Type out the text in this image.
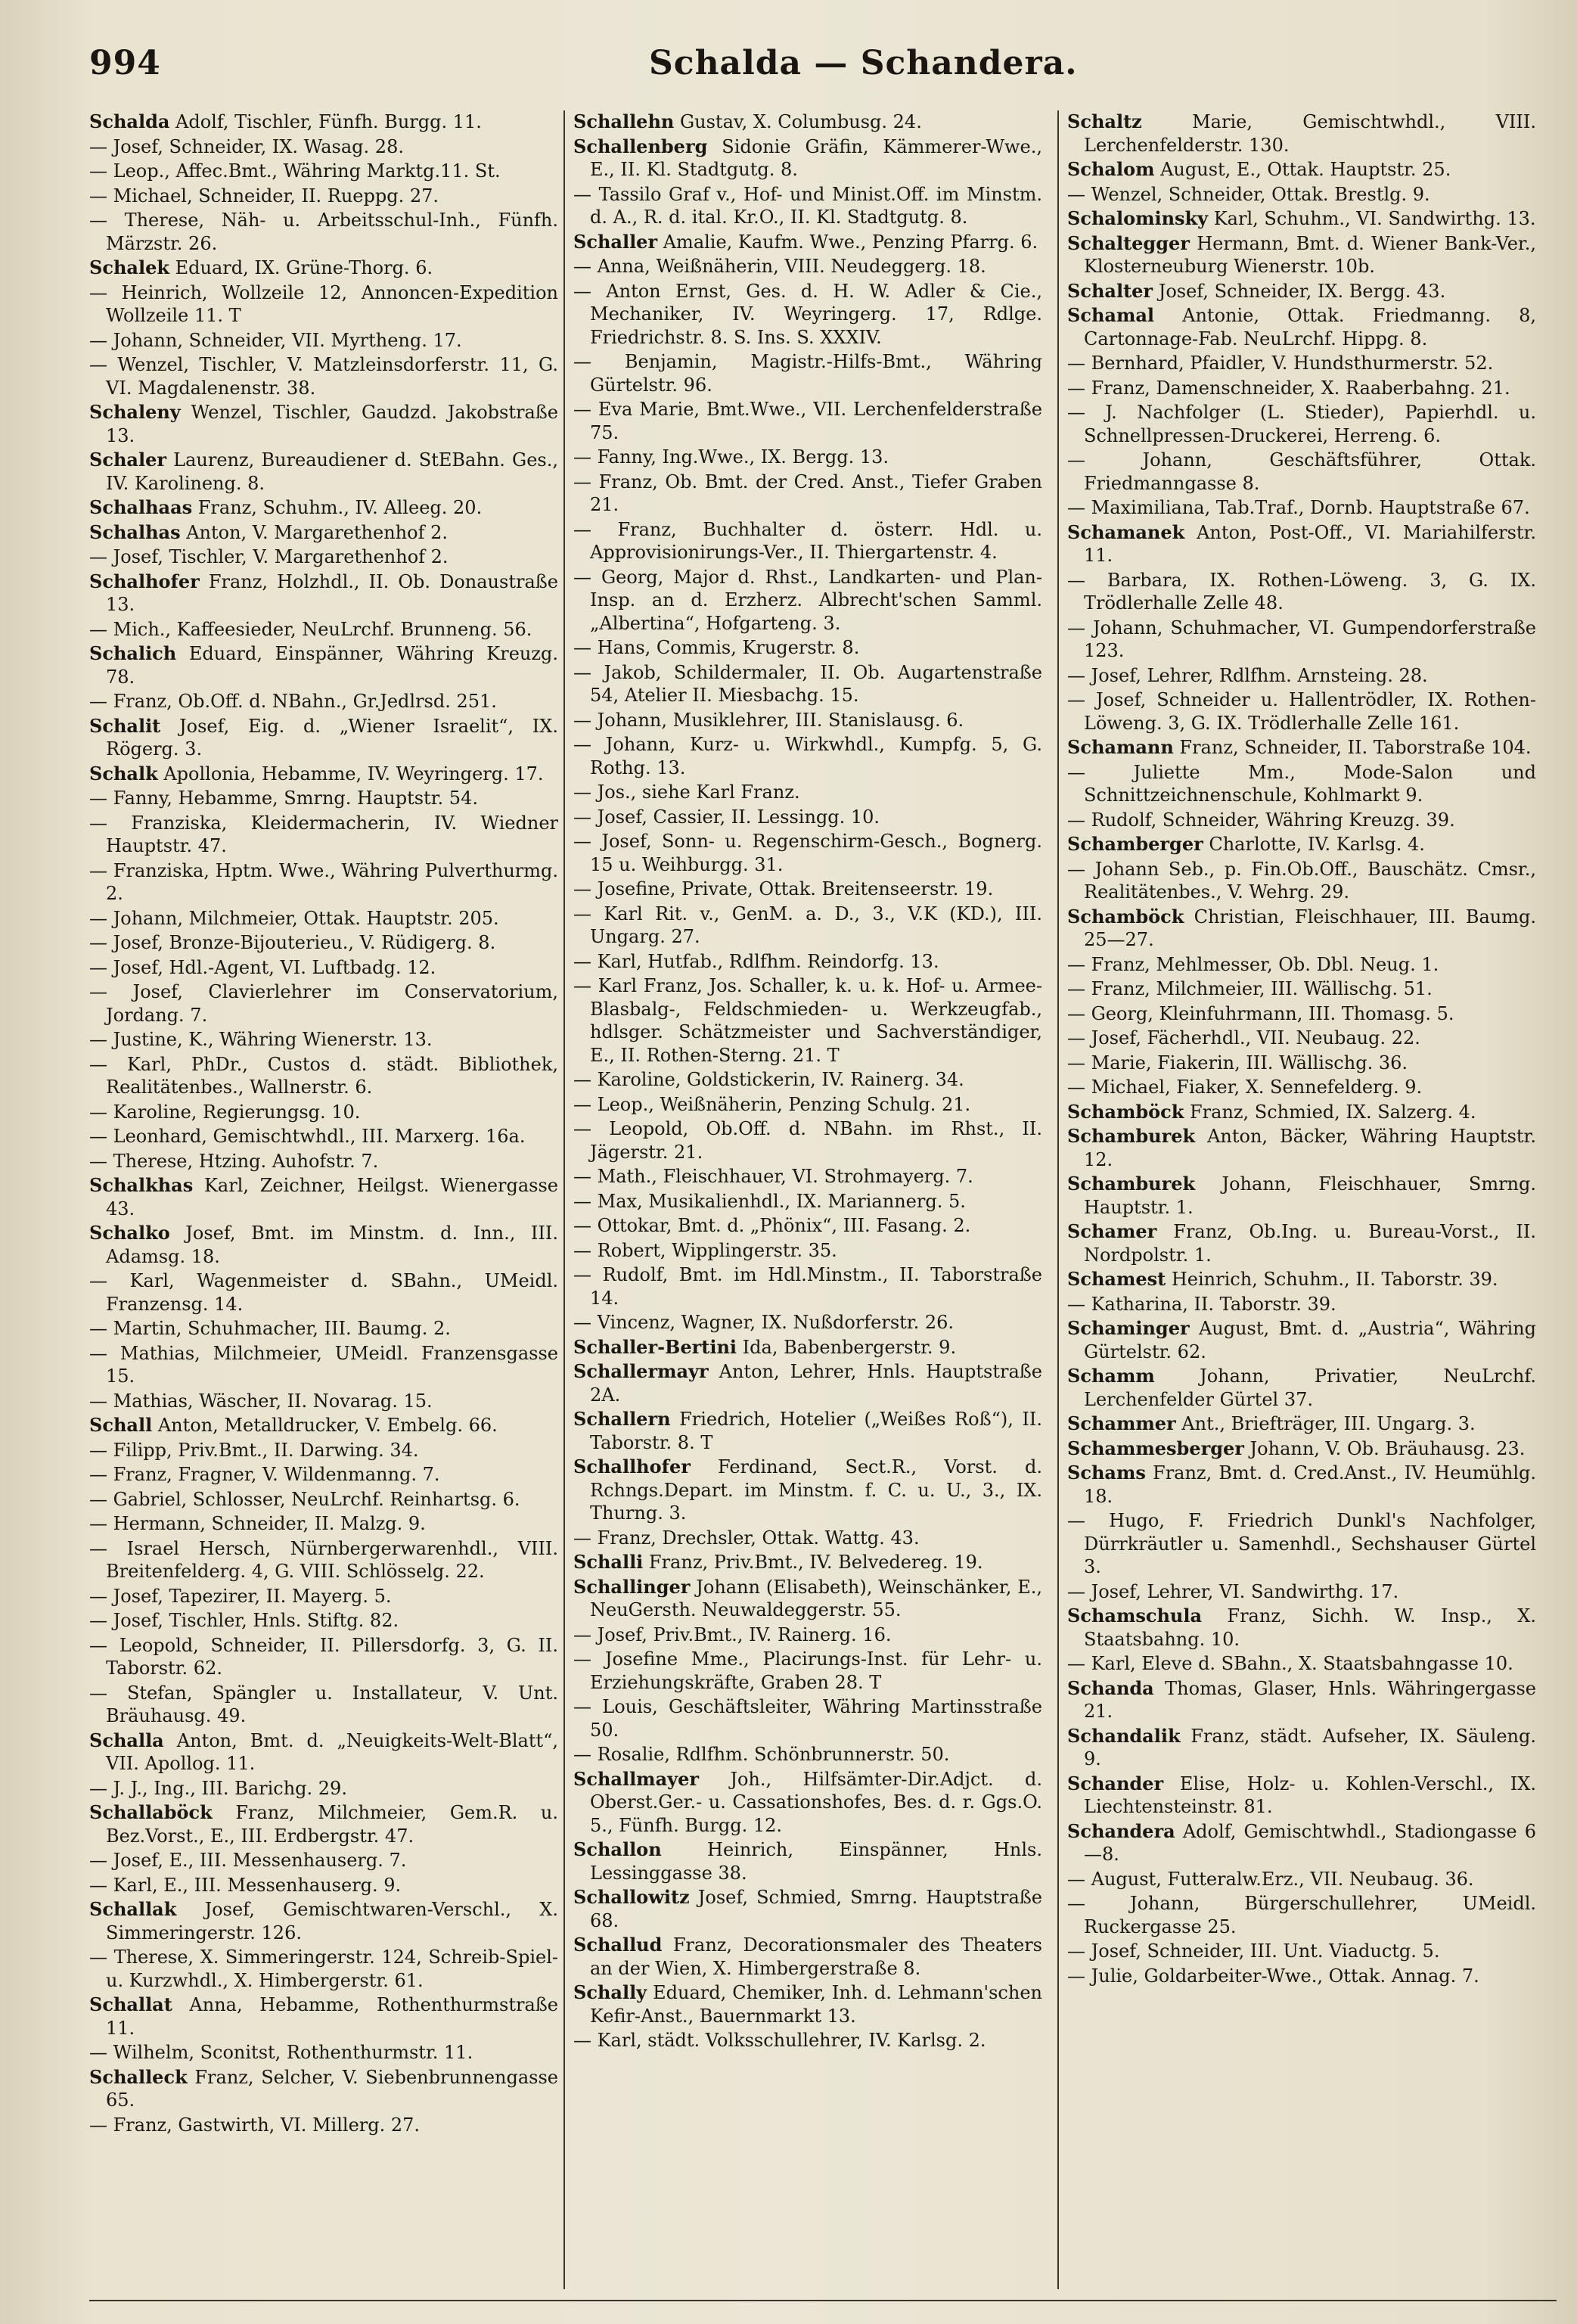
994	Schalda — Schandera.
Schalda Adolf, Tischler, Fünfh. Burgg. 11.
— Josef, Schneider, IX. Wasag. 28.
— Leop., Affec.Bmt., Währing Marktg.11. St.
— Michael, Schneider, II. Rueppg. 27.
— Therese, Näh- u. Arbeitsschul-Inh., Fünfh. Märzstr. 26.
Schalek Eduard, IX. Grüne-Thorg. 6.
— Heinrich, Wollzeile 12, Annoncen-Expedition Wollzeile 11. T
— Johann, Schneider, VII. Myrtheng. 17.
— Wenzel, Tischler, V. Matzleinsdorferstr. 11, G. VI. Magdalenenstr. 38.
Schaleny Wenzel, Tischler, Gaudzd. Jakobstraße 13.
Schaler Laurenz, Bureaudiener d. StEBahn. Ges., IV. Karolineng. 8.
Schalhaas Franz, Schuhm., IV. Alleeg. 20.
Schalhas Anton, V. Margarethenhof 2.
— Josef, Tischler, V. Margarethenhof 2.
Schalhofer Franz, Holzhdl., II. Ob. Donaustraße 13.
— Mich., Kaffeesieder, NeuLrchf. Brunneng. 56.
Schalich Eduard, Einspänner, Währing Kreuzg. 78.
— Franz, Ob.Off. d. NBahn., Gr.Jedlrsd. 251.
Schalit Josef, Eig. d. „Wiener Israelit“, IX. Rögerg. 3.
Schalk Apollonia, Hebamme, IV. Weyringerg. 17.
— Fanny, Hebamme, Smrng. Hauptstr. 54.
— Franziska, Kleidermacherin, IV. Wiedner Hauptstr. 47.
— Franziska, Hptm. Wwe., Währing Pulverthurmg. 2.
— Johann, Milchmeier, Ottak. Hauptstr. 205.
— Josef, Bronze-Bijouterieu., V. Rüdigerg. 8.
— Josef, Hdl.-Agent, VI. Luftbadg. 12.
— Josef, Clavierlehrer im Conservatorium, Jordang. 7.
— Justine, K., Währing Wienerstr. 13.
— Karl, PhDr., Custos d. städt. Bibliothek, Realitätenbes., Wallnerstr. 6.
— Karoline, Regierungsg. 10.
— Leonhard, Gemischtwhdl., III. Marxerg. 16a.
— Therese, Htzing. Auhofstr. 7.
Schalkhas Karl, Zeichner, Heilgst. Wienergasse 43.
Schalko Josef, Bmt. im Minstm. d. Inn., III. Adamsg. 18.
— Karl, Wagenmeister d. SBahn., UMeidl. Franzensg. 14.
— Martin, Schuhmacher, III. Baumg. 2.
— Mathias, Milchmeier, UMeidl. Franzensgasse 15.
— Mathias, Wäscher, II. Novarag. 15.
Schall Anton, Metalldrucker, V. Embelg. 66.
— Filipp, Priv.Bmt., II. Darwing. 34.
— Franz, Fragner, V. Wildenmanng. 7.
— Gabriel, Schlosser, NeuLrchf. Reinhartsg. 6.
— Hermann, Schneider, II. Malzg. 9.
— Israel Hersch, Nürnbergerwarenhdl., VIII. Breitenfelderg. 4, G. VIII. Schlösselg. 22.
— Josef, Tapezirer, II. Mayerg. 5.
— Josef, Tischler, Hnls. Stiftg. 82.
— Leopold, Schneider, II. Pillersdorfg. 3, G. II. Taborstr. 62.
— Stefan, Spängler u. Installateur, V. Unt. Bräuhausg. 49.
Schalla Anton, Bmt. d. „Neuigkeits-Welt-Blatt“, VII. Apollog. 11.
— J. J., Ing., III. Barichg. 29.
Schallaböck Franz, Milchmeier, Gem.R. u. Bez.Vorst., E., III. Erdbergstr. 47.
— Josef, E., III. Messenhauserg. 7.
— Karl, E., III. Messenhauserg. 9.
Schallak Josef, Gemischtwaren-Verschl., X. Simmeringerstr. 126.
— Therese, X. Simmeringerstr. 124, Schreib-Spiel- u. Kurzwhdl., X. Himbergerstr. 61.
Schallat Anna, Hebamme, Rothenthurmstraße 11.
— Wilhelm, Sconitst, Rothenthurmstr. 11.
Schalleck Franz, Selcher, V. Siebenbrunnengasse 65.
— Franz, Gastwirth, VI. Millerg. 27.
Schallehn Gustav, X. Columbusg. 24.
Schallenberg Sidonie Gräfin, Kämmerer-Wwe., E., II. Kl. Stadtgutg. 8.
— Tassilo Graf v., Hof- und Minist.Off. im Minstm. d. A., R. d. ital. Kr.O., II. Kl. Stadtgutg. 8.
Schaller Amalie, Kaufm. Wwe., Penzing Pfarrg. 6.
— Anna, Weißnäherin, VIII. Neudeggerg. 18.
— Anton Ernst, Ges. d. H. W. Adler & Cie., Mechaniker, IV. Weyringerg. 17, Rdlge. Friedrichstr. 8. S. Ins. S. XXXIV.
— Benjamin, Magistr.-Hilfs-Bmt., Währing Gürtelstr. 96.
— Eva Marie, Bmt.Wwe., VII. Lerchenfelderstraße 75.
— Fanny, Ing.Wwe., IX. Bergg. 13.
— Franz, Ob. Bmt. der Cred. Anst., Tiefer Graben 21.
— Franz, Buchhalter d. österr. Hdl. u. Approvisionirungs-Ver., II. Thiergartenstr. 4.
— Georg, Major d. Rhst., Landkarten- und Plan-Insp. an d. Erzherz. Albrecht'schen Samml. „Albertina“, Hofgarteng. 3.
— Hans, Commis, Krugerstr. 8.
— Jakob, Schildermaler, II. Ob. Augartenstraße 54, Atelier II. Miesbachg. 15.
— Johann, Musiklehrer, III. Stanislausg. 6.
— Johann, Kurz- u. Wirkwhdl., Kumpfg. 5, G. Rothg. 13.
— Jos., siehe Karl Franz.
— Josef, Cassier, II. Lessingg. 10.
— Josef, Sonn- u. Regenschirm-Gesch., Bognerg. 15 u. Weihburgg. 31.
— Josefine, Private, Ottak. Breitenseerstr. 19.
— Karl Rit. v., GenM. a. D., 3., V.K (KD.), III. Ungarg. 27.
— Karl, Hutfab., Rdlfhm. Reindorfg. 13.
— Karl Franz, Jos. Schaller, k. u. k. Hof- u. Armee-Blasbalg-, Feldschmieden- u. Werkzeugfab., hdlsger. Schätzmeister und Sachverständiger, E., II. Rothen-Sterng. 21. T
— Karoline, Goldstickerin, IV. Rainerg. 34.
— Leop., Weißnäherin, Penzing Schulg. 21.
— Leopold, Ob.Off. d. NBahn. im Rhst., II. Jägerstr. 21.
— Math., Fleischhauer, VI. Strohmayerg. 7.
— Max, Musikalienhdl., IX. Mariannerg. 5.
— Ottokar, Bmt. d. „Phönix“, III. Fasang. 2.
— Robert, Wipplingerstr. 35.
— Rudolf, Bmt. im Hdl.Minstm., II. Taborstraße 14.
— Vincenz, Wagner, IX. Nußdorferstr. 26.
Schaller-Bertini Ida, Babenbergerstr. 9.
Schallermayr Anton, Lehrer, Hnls. Hauptstraße 2A.
Schallern Friedrich, Hotelier („Weißes Roß“), II. Taborstr. 8. T
Schallhofer Ferdinand, Sect.R., Vorst. d. Rchngs.Depart. im Minstm. f. C. u. U., 3., IX. Thurng. 3.
— Franz, Drechsler, Ottak. Wattg. 43.
Schalli Franz, Priv.Bmt., IV. Belvedereg. 19.
Schallinger Johann (Elisabeth), Weinschänker, E., NeuGersth. Neuwaldeggerstr. 55.
— Josef, Priv.Bmt., IV. Rainerg. 16.
— Josefine Mme., Placirungs-Inst. für Lehr- u. Erziehungskräfte, Graben 28. T
— Louis, Geschäftsleiter, Währing Martinsstraße 50.
— Rosalie, Rdlfhm. Schönbrunnerstr. 50.
Schallmayer Joh., Hilfsämter-Dir.Adjct. d. Oberst.Ger.- u. Cassationshofes, Bes. d. r. Ggs.O. 5., Fünfh. Burgg. 12.
Schallon Heinrich, Einspänner, Hnls. Lessinggasse 38.
Schallowitz Josef, Schmied, Smrng. Hauptstraße 68.
Schallud Franz, Decorationsmaler des Theaters an der Wien, X. Himbergerstraße 8.
Schally Eduard, Chemiker, Inh. d. Lehmann'schen Kefir-Anst., Bauernmarkt 13.
— Karl, städt. Volksschullehrer, IV. Karlsg. 2.
Schaltz Marie, Gemischtwhdl., VIII. Lerchenfelderstr. 130.
Schalom August, E., Ottak. Hauptstr. 25.
— Wenzel, Schneider, Ottak. Brestlg. 9.
Schalominsky Karl, Schuhm., VI. Sandwirthg. 13.
Schaltegger Hermann, Bmt. d. Wiener Bank-Ver., Klosterneuburg Wienerstr. 10b.
Schalter Josef, Schneider, IX. Bergg. 43.
Schamal Antonie, Ottak. Friedmanng. 8, Cartonnage-Fab. NeuLrchf. Hippg. 8.
— Bernhard, Pfaidler, V. Hundsthurmerstr. 52.
— Franz, Damenschneider, X. Raaberbahng. 21.
— J. Nachfolger (L. Stieder), Papierhdl. u. Schnellpressen-Druckerei, Herreng. 6.
— Johann, Geschäftsführer, Ottak. Friedmanngasse 8.
— Maximiliana, Tab.Traf., Dornb. Hauptstraße 67.
Schamanek Anton, Post-Off., VI. Mariahilferstr. 11.
— Barbara, IX. Rothen-Löweng. 3, G. IX. Trödlerhalle Zelle 48.
— Johann, Schuhmacher, VI. Gumpendorferstraße 123.
— Josef, Lehrer, Rdlfhm. Arnsteing. 28.
— Josef, Schneider u. Hallentrödler, IX. Rothen-Löweng. 3, G. IX. Trödlerhalle Zelle 161.
Schamann Franz, Schneider, II. Taborstraße 104.
— Juliette Mm., Mode-Salon und Schnittzeichnenschule, Kohlmarkt 9.
— Rudolf, Schneider, Währing Kreuzg. 39.
Schamberger Charlotte, IV. Karlsg. 4.
— Johann Seb., p. Fin.Ob.Off., Bauschätz. Cmsr., Realitätenbes., V. Wehrg. 29.
Schamböck Christian, Fleischhauer, III. Baumg. 25—27.
— Franz, Mehlmesser, Ob. Dbl. Neug. 1.
— Franz, Milchmeier, III. Wällischg. 51.
— Georg, Kleinfuhrmann, III. Thomasg. 5.
— Josef, Fächerhdl., VII. Neubaug. 22.
— Marie, Fiakerin, III. Wällischg. 36.
— Michael, Fiaker, X. Sennefelderg. 9.
Schamböck Franz, Schmied, IX. Salzerg. 4.
Schamburek Anton, Bäcker, Währing Hauptstr. 12.
Schamburek Johann, Fleischhauer, Smrng. Hauptstr. 1.
Schamer Franz, Ob.Ing. u. Bureau-Vorst., II. Nordpolstr. 1.
Schamest Heinrich, Schuhm., II. Taborstr. 39.
— Katharina, II. Taborstr. 39.
Schaminger August, Bmt. d. „Austria“, Währing Gürtelstr. 62.
Schamm Johann, Privatier, NeuLrchf. Lerchenfelder Gürtel 37.
Schammer Ant., Briefträger, III. Ungarg. 3.
Schammesberger Johann, V. Ob. Bräuhausg. 23.
Schams Franz, Bmt. d. Cred.Anst., IV. Heumühlg. 18.
— Hugo, F. Friedrich Dunkl's Nachfolger, Dürrkräutler u. Samenhdl., Sechshauser Gürtel 3.
— Josef, Lehrer, VI. Sandwirthg. 17.
Schamschula Franz, Sichh. W. Insp., X. Staatsbahng. 10.
— Karl, Eleve d. SBahn., X. Staatsbahngasse 10.
Schanda Thomas, Glaser, Hnls. Währingergasse 21.
Schandalik Franz, städt. Aufseher, IX. Säuleng. 9.
Schander Elise, Holz- u. Kohlen-Verschl., IX. Liechtensteinstr. 81.
Schandera Adolf, Gemischtwhdl., Stadiongasse 6—8.
— August, Futteralw.Erz., VII. Neubaug. 36.
— Johann, Bürgerschullehrer, UMeidl. Ruckergasse 25.
— Josef, Schneider, III. Unt. Viaductg. 5.
— Julie, Goldarbeiter-Wwe., Ottak. Annag. 7.
